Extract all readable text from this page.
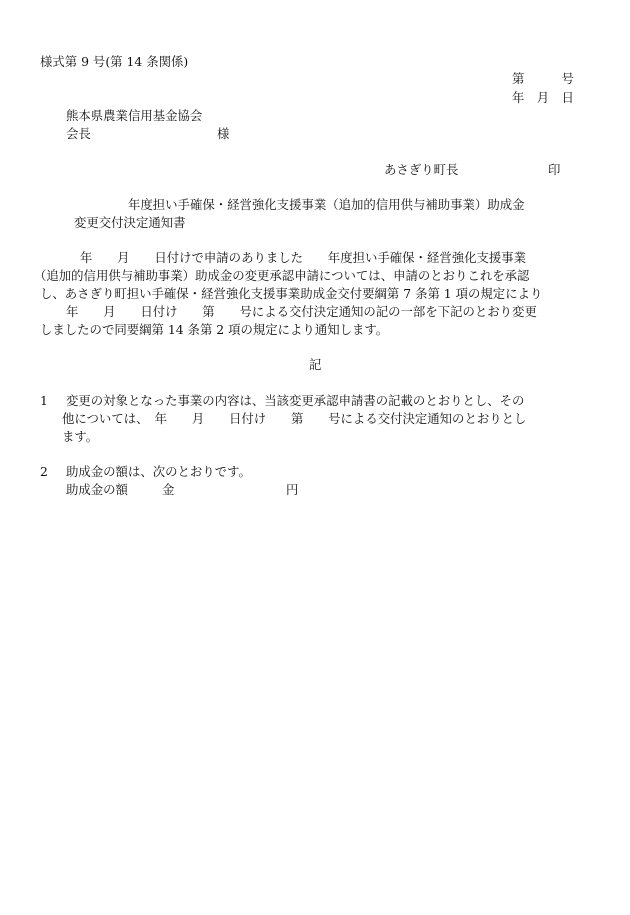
様式第 9 号(第 14 条関係)
第　　　号
年　月　日
熊本県農業信用基金協会
会長	様
あさぎり町長	印
年度担い手確保・経営強化支援事業（追加的信用供与補助事業）助成金
変更交付決定通知書
年　　月　　日付けで申請のありました　　年度担い手確保・経営強化支援事業
（追加的信用供与補助事業）助成金の変更承認申請については、申請のとおりこれを承認
し、あさぎり町担い手確保・経営強化支援事業助成金交付要綱第 7 条第 1 項の規定により
年　　月　　日付け　　第　　号による交付決定通知の記の一部を下記のとおり変更
しましたので同要綱第 14 条第 2 項の規定により通知します。
記
1 変更の対象となった事業の内容は、当該変更承認申請書の記載のとおりとし、その
他については、　年　　月　　日付け　　第　　号による交付決定通知のとおりとし
ます。
2 助成金の額は、次のとおりです。
助成金の額	金	円
